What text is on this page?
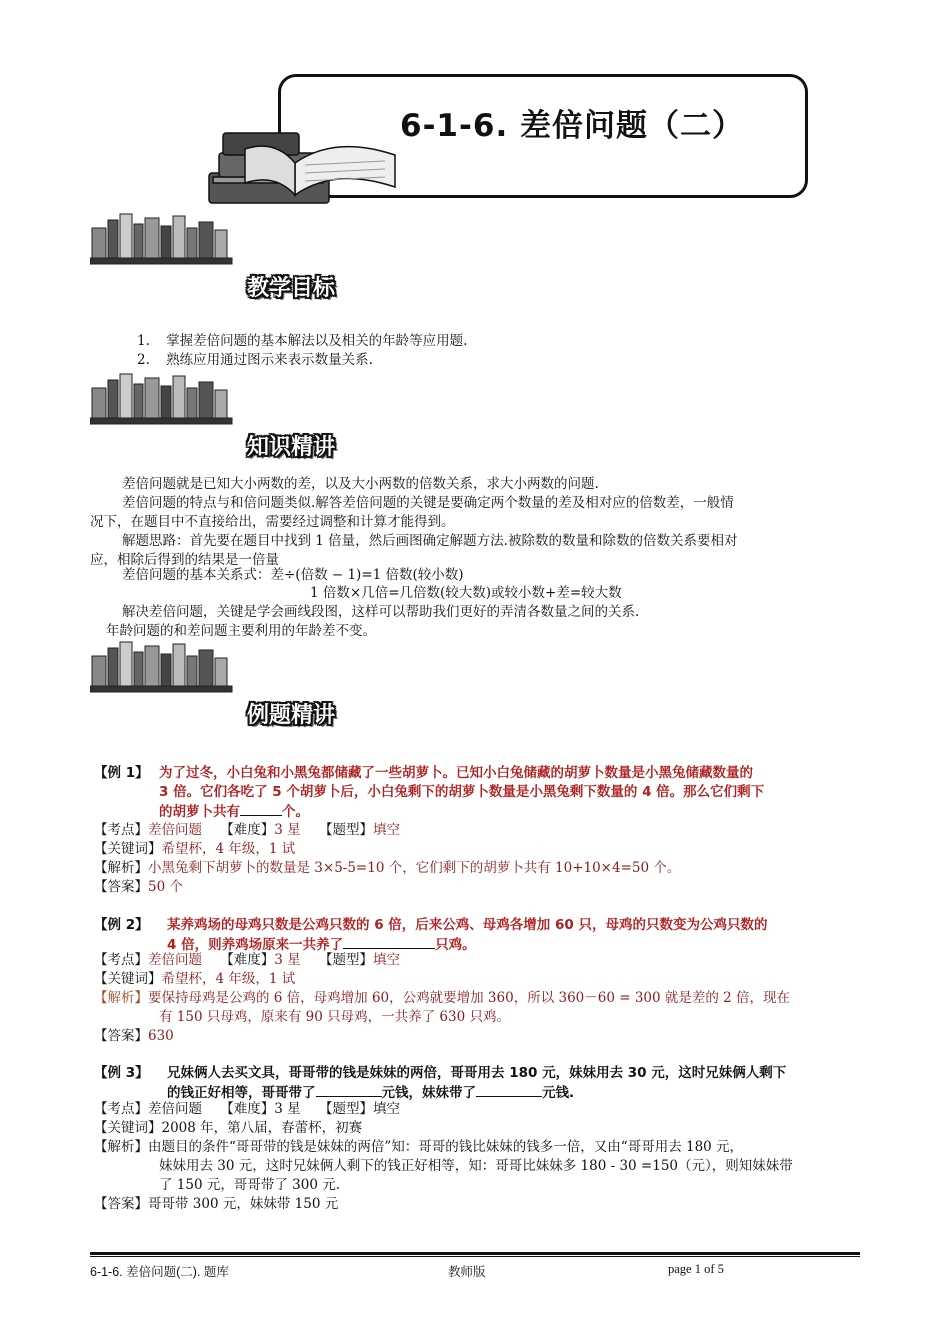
6-1-6. 差倍问题（二）
教学目标
1. 掌握差倍问题的基本解法以及相关的年龄等应用题.
2. 熟练应用通过图示来表示数量关系.
知识精讲
差倍问题就是已知大小两数的差，以及大小两数的倍数关系，求大小两数的问题.
差倍问题的特点与和倍问题类似.解答差倍问题的关键是要确定两个数量的差及相对应的倍数差，一般情
况下，在题目中不直接给出，需要经过调整和计算才能得到。
解题思路：首先要在题目中找到 1 倍量，然后画图确定解题方法.被除数的数量和除数的倍数关系要相对
应，相除后得到的结果是一倍量
差倍问题的基本关系式：差÷(倍数 − 1)=1 倍数(较小数)
1 倍数×几倍=几倍数(较大数)或较小数+差=较大数
解决差倍问题，关键是学会画线段图，这样可以帮助我们更好的弄清各数量之间的关系.
年龄问题的和差问题主要利用的年龄差不变。
例题精讲
【例 1】 为了过冬，小白兔和小黑兔都储藏了一些胡萝卜。已知小白兔储藏的胡萝卜数量是小黑兔储藏数量的
3 倍。它们各吃了 5 个胡萝卜后，小白兔剩下的胡萝卜数量是小黑兔剩下数量的 4 倍。那么它们剩下
的胡萝卜共有	个。
【考点】差倍问题 【难度】3 星 【题型】填空
【关键词】希望杯，4 年级，1 试
【解析】小黑兔剩下胡萝卜的数量是 3×5-5=10 个，它们剩下的胡萝卜共有 10+10×4=50 个。
【答案】50 个
【例 2】 某养鸡场的母鸡只数是公鸡只数的 6 倍，后来公鸡、母鸡各增加 60 只，母鸡的只数变为公鸡只数的
4 倍，则养鸡场原来一共养了	只鸡。
【考点】差倍问题 【难度】3 星 【题型】填空
【关键词】希望杯，4 年级，1 试
【解析】要保持母鸡是公鸡的 6 倍，母鸡增加 60，公鸡就要增加 360，所以 360－60 = 300 就是差的 2 倍，现在
有 150 只母鸡，原来有 90 只母鸡，一共养了 630 只鸡。
【答案】630
【例 3】 兄妹俩人去买文具，哥哥带的钱是妹妹的两倍，哥哥用去 180 元，妹妹用去 30 元，这时兄妹俩人剩下
的钱正好相等，哥哥带了	元钱，妹妹带了	元钱.
【考点】差倍问题 【难度】3 星 【题型】填空
【关键词】2008 年，第八届，春蕾杯，初赛
【解析】由题目的条件“哥哥带的钱是妹妹的两倍”知：哥哥的钱比妹妹的钱多一倍，又由“哥哥用去 180 元，
妹妹用去 30 元，这时兄妹俩人剩下的钱正好相等，知：哥哥比妹妹多 180 - 30 =150（元），则知妹妹带
了 150 元，哥哥带了 300 元.
【答案】哥哥带 300 元，妹妹带 150 元
6-1-6. 差倍问题(二). 题库	教师版	page 1 of 5
